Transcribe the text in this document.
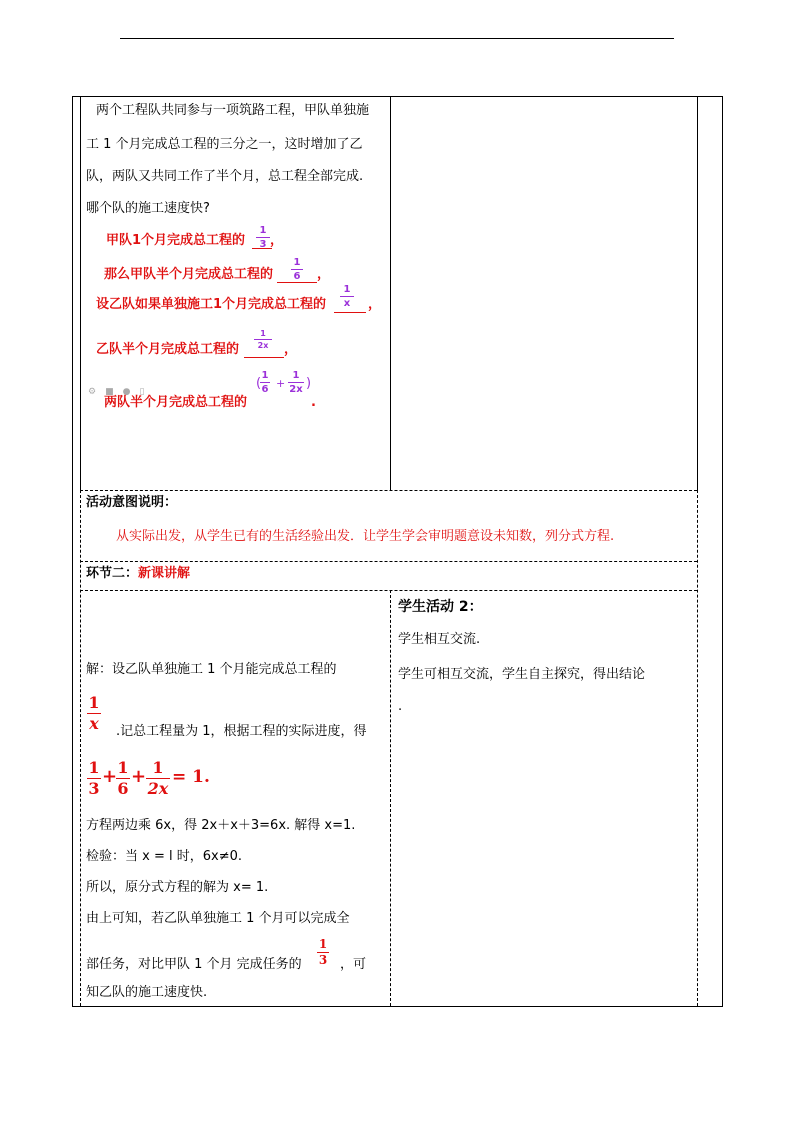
两个工程队共同参与一项筑路工程，甲队单独施
工 1 个月完成总工程的三分之一，这时增加了乙
队，两队又共同工作了半个月，总工程全部完成.
哪个队的施工速度快?
甲队1个月完成总工程的
1
3 ，
那么甲队半个月完成总工程的
1
6 ，
设乙队如果单独施工1个月完成总工程的
1
x ，
乙队半个月完成总工程的
1
2x ，
⚙ ■ ● ▯
两队半个月完成总工程的
(
1
6 +
1
2x )
.
活动意图说明：
从实际出发，从学生已有的生活经验出发．让学生学会审明题意设未知数，列分式方程.
环节二：新课讲解
解：设乙队单独施工 1 个月能完成总工程的
1
x .记总工程量为 1，根据工程的实际进度，得
1
3
+ 1
6
+ 1
2x
= 1.
方程两边乘 6x，得 2x＋x＋3=6x. 解得 x=1.
检验：当 x = l 时，6x≠0.
所以，原分式方程的解为 x= 1.
由上可知，若乙队单独施工 1 个月可以完成全
部任务，对比甲队 1 个月 完成任务的
1
3 ，可
知乙队的施工速度快.
学生活动 2：
学生相互交流.
学生可相互交流，学生自主探究，得出结论
.
